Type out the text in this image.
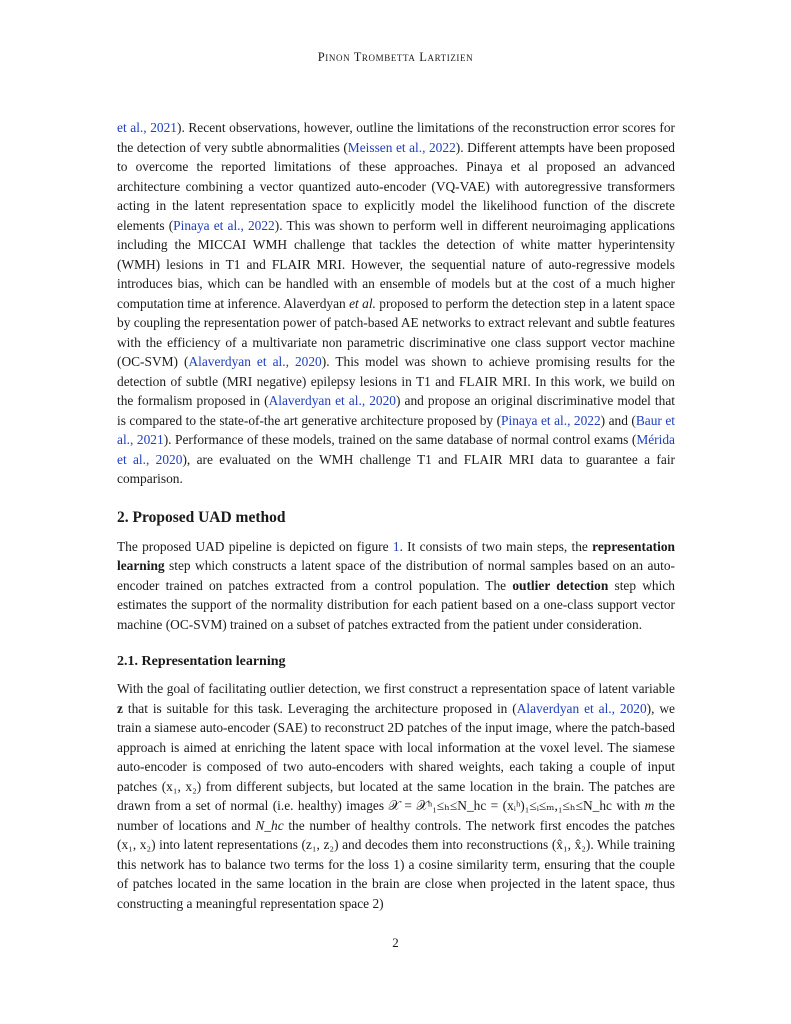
Pinon Trombetta Lartizien

et al., 2021). Recent observations, however, outline the limitations of the reconstruction error scores for the detection of very subtle abnormalities (Meissen et al., 2022). Different attempts have been proposed to overcome the reported limitations of these approaches. Pinaya et al proposed an advanced architecture combining a vector quantized auto-encoder (VQ-VAE) with autoregressive transformers acting in the latent representation space to explicitly model the likelihood function of the discrete elements (Pinaya et al., 2022). This was shown to perform well in different neuroimaging applications including the MICCAI WMH challenge that tackles the detection of white matter hyperintensity (WMH) lesions in T1 and FLAIR MRI. However, the sequential nature of auto-regressive models introduces bias, which can be handled with an ensemble of models but at the cost of a much higher computation time at inference. Alaverdyan et al. proposed to perform the detection step in a latent space by coupling the representation power of patch-based AE networks to extract relevant and subtle features with the efficiency of a multivariate non parametric discriminative one class support vector machine (OC-SVM) (Alaverdyan et al., 2020). This model was shown to achieve promising results for the detection of subtle (MRI negative) epilepsy lesions in T1 and FLAIR MRI. In this work, we build on the formalism proposed in (Alaverdyan et al., 2020) and propose an original discriminative model that is compared to the state-of-the art generative architecture proposed by (Pinaya et al., 2022) and (Baur et al., 2021). Performance of these models, trained on the same database of normal control exams (Mérida et al., 2020), are evaluated on the WMH challenge T1 and FLAIR MRI data to guarantee a fair comparison.

2. Proposed UAD method

The proposed UAD pipeline is depicted on figure 1. It consists of two main steps, the representation learning step which constructs a latent space of the distribution of normal samples based on an auto-encoder trained on patches extracted from a control population. The outlier detection step which estimates the support of the normality distribution for each patient based on a one-class support vector machine (OC-SVM) trained on a subset of patches extracted from the patient under consideration.

2.1. Representation learning

With the goal of facilitating outlier detection, we first construct a representation space of latent variable z that is suitable for this task. Leveraging the architecture proposed in (Alaverdyan et al., 2020), we train a siamese auto-encoder (SAE) to reconstruct 2D patches of the input image, where the patch-based approach is aimed at enriching the latent space with local information at the voxel level. The siamese auto-encoder is composed of two auto-encoders with shared weights, each taking a couple of input patches (x₁, x₂) from different subjects, but located at the same location in the brain. The patches are drawn from a set of normal (i.e. healthy) images 𝒳 = 𝒳ʰ₁≤ₕ≤N_hc = (xᵢʰ)₁≤ᵢ≤ₘ,₁≤ₕ≤N_hc with m the number of locations and N_hc the number of healthy controls. The network first encodes the patches (x₁, x₂) into latent representations (z₁, z₂) and decodes them into reconstructions (x̂₁, x̂₂). While training this network has to balance two terms for the loss 1) a cosine similarity term, ensuring that the couple of patches located in the same location in the brain are close when projected in the latent space, thus constructing a meaningful representation space 2)

2
